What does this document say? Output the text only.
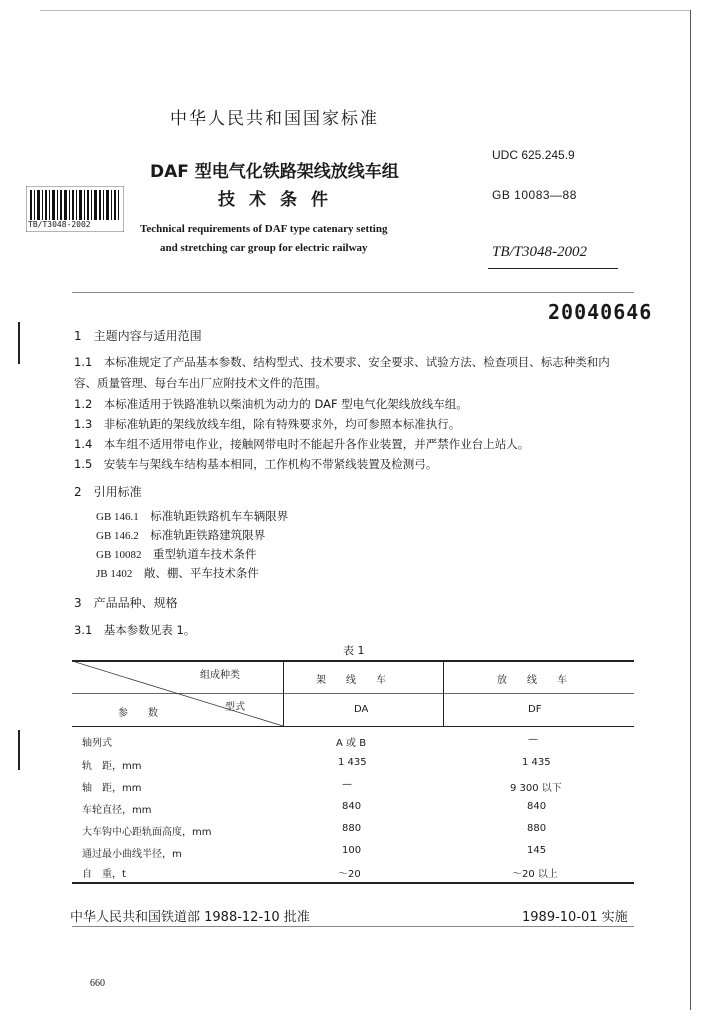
TB/T3048-2002
中华人民共和国国家标准
DAF 型电气化铁路架线放线车组
技术条件
UDC 625.245.9
GB 10083—88
Technical requirements of DAF type catenary setting
and stretching car group for electric railway	TB/T3048-2002
20040646
1　主题内容与适用范围
1.1　 本标准规定了产品基本参数、结构型式、技术要求、安全要求、试验方法、检查项目、标志种类和内
容、质量管理、每台车出厂应附技术文件的范围。
1.2　 本标准适用于铁路准轨以柴油机为动力的 DAF 型电气化架线放线车组。
1.3　 非标准轨距的架线放线车组，除有特殊要求外，均可参照本标准执行。
1.4　 本车组不适用带电作业，接触网带电时不能起升各作业装置，并严禁作业台上站人。
1.5　 安装车与架线车结构基本相同，工作机构不带紧线装置及检测弓。
2　引用标准
GB 146.1　 标准轨距铁路机车车辆限界
GB 146.2　 标准轨距铁路建筑限界
GB 10082　 重型轨道车技术条件
JB 1402　 敞、棚、平车技术条件
3　产品品种、规格
3.1　基本参数见表 1。
表 1
组成种类
型式
参　　数
架　　线　　车	放　　线　　车
DA	DF
轴列式	A 或 B	—
轨　距，mm	1 435	1 435
轴　距，mm	—	9 300 以下
车轮直径，mm	840	840
大车钩中心距轨面高度，mm	880	880
通过最小曲线半径，m	100	145
自　重，t	～20	～20 以上
中华人民共和国铁道部 1988-12-10 批准	1989-10-01 实施
660
